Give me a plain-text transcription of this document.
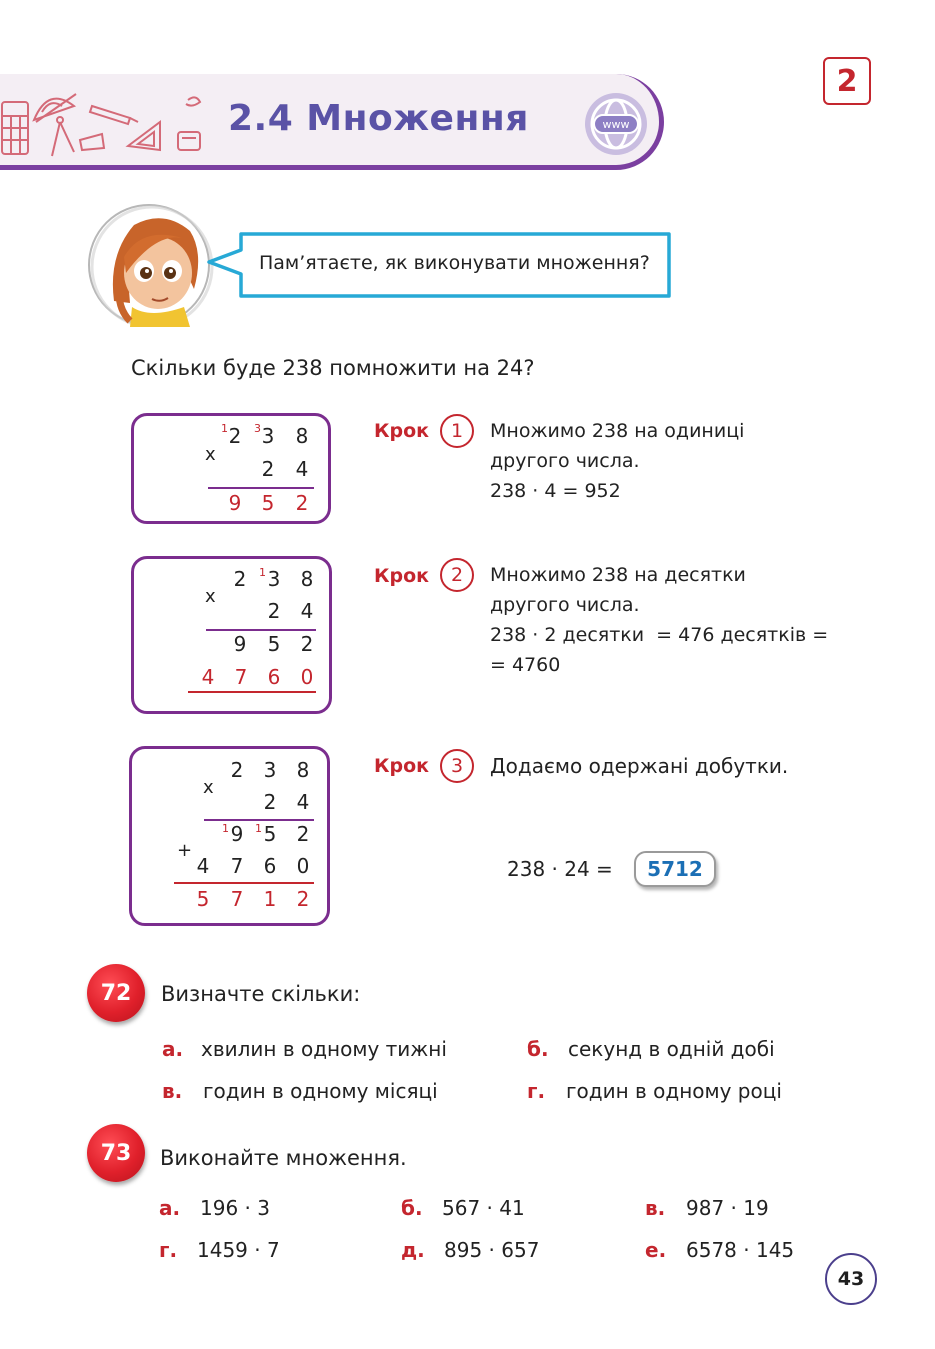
2.4 Множення	www
2
Пам’ятаєте, як виконувати множення?
Скільки буде 238 помножити на 24?
1 3
2 3 8
x
2 4
9 5 2
1
2 3 8
x
2 4
9 5 2
4 7 6 0
2 3 8
x
2 4
1 1
9 5 2
+
4 7 6 0
5 7 1 2
Крок	1	Множимо 238 на одиниці
другого числа.
238 · 4 = 952
Крок	2	Множимо 238 на десятки
другого числа.
238 · 2 десятки  = 476 десятків =
= 4760
Крок	3	Додаємо одержані добутки.
238 · 24 =	5712
72	Визначте скільки:
а. хвилин в одному тижні	б. секунд в одній добі
в. годин в одному місяці	г. годин в одному році
73	Виконайте множення.
а. 196 · 3	б. 567 · 41	в. 987 · 19
г. 1459 · 7	д. 895 · 657	е. 6578 · 145
43
